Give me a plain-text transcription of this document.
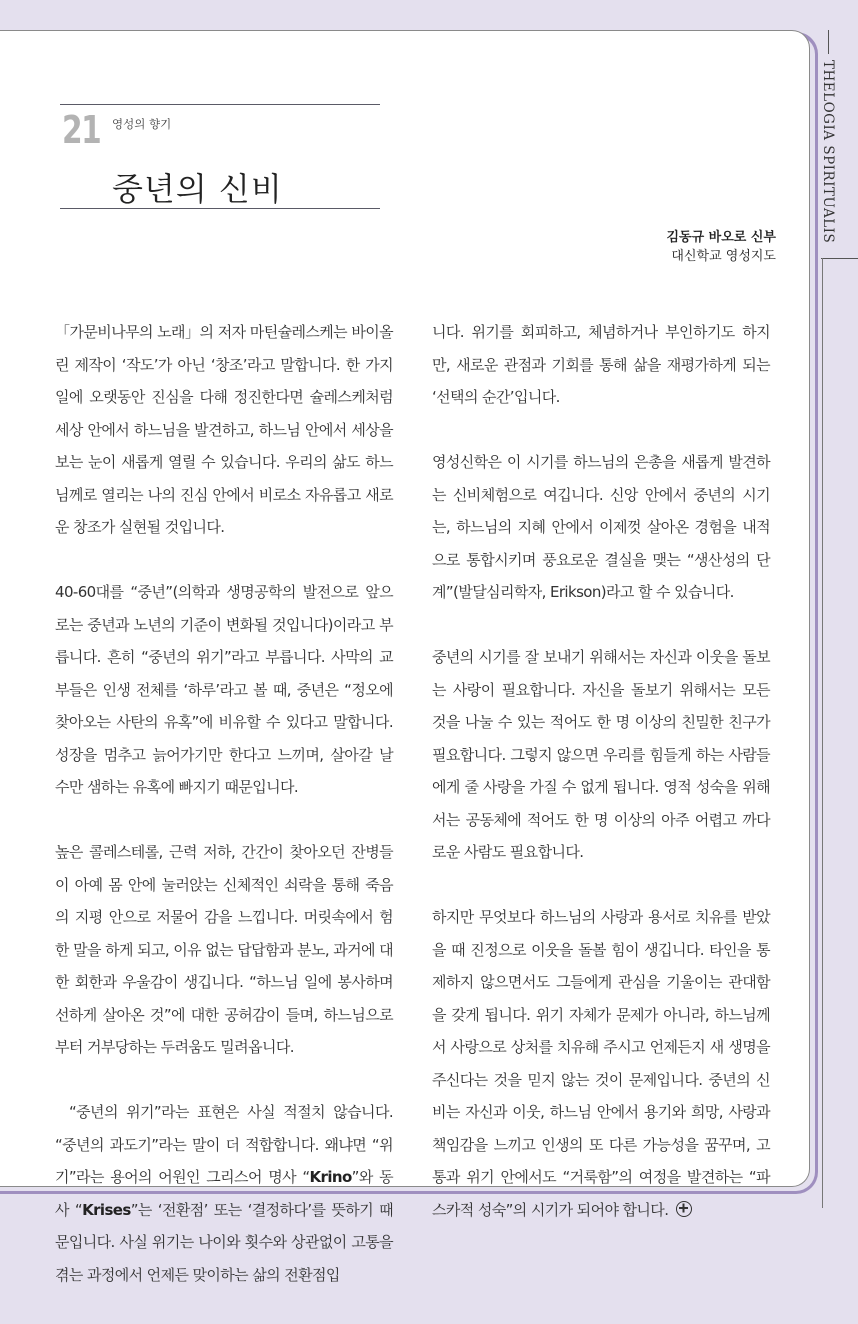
THELOGIA SPIRITUALIS
21 영성의 향기
중년의 신비
김동규 바오로 신부
대신학교 영성지도

「가문비나무의 노래」의 저자 마틴슐레스케는 바이올린 제작이 ‘작도’가 아닌 ‘창조’라고 말합니다. 한 가지 일에 오랫동안 진심을 다해 정진한다면 슐레스케처럼 세상 안에서 하느님을 발견하고, 하느님 안에서 세상을 보는 눈이 새롭게 열릴 수 있습니다. 우리의 삶도 하느님께로 열리는 나의 진심 안에서 비로소 자유롭고 새로운 창조가 실현될 것입니다.

40-60대를 “중년”(의학과 생명공학의 발전으로 앞으로는 중년과 노년의 기준이 변화될 것입니다)이라고 부릅니다. 흔히 “중년의 위기”라고 부릅니다. 사막의 교부들은 인생 전체를 ‘하루’라고 볼 때, 중년은 “정오에 찾아오는 사탄의 유혹”에 비유할 수 있다고 말합니다. 성장을 멈추고 늙어가기만 한다고 느끼며, 살아갈 날 수만 샘하는 유혹에 빠지기 때문입니다.

높은 콜레스테롤, 근력 저하, 간간이 찾아오던 잔병들이 아예 몸 안에 눌러앉는 신체적인 쇠락을 통해 죽음의 지평 안으로 저물어 감을 느낍니다. 머릿속에서 험한 말을 하게 되고, 이유 없는 답답함과 분노, 과거에 대한 회한과 우울감이 생깁니다. “하느님 일에 봉사하며 선하게 살아온 것”에 대한 공허감이 들며, 하느님으로부터 거부당하는 두려움도 밀려옵니다.

“중년의 위기”라는 표현은 사실 적절치 않습니다. “중년의 과도기”라는 말이 더 적합합니다. 왜냐면 “위기”라는 용어의 어원인 그리스어 명사 “Krino”와 동사 “Krises”는 ‘전환점’ 또는 ‘결정하다’를 뜻하기 때문입니다. 사실 위기는 나이와 횟수와 상관없이 고통을 겪는 과정에서 언제든 맞이하는 삶의 전환점입

니다. 위기를 회피하고, 체념하거나 부인하기도 하지만, 새로운 관점과 기회를 통해 삶을 재평가하게 되는 ‘선택의 순간’입니다.

영성신학은 이 시기를 하느님의 은총을 새롭게 발견하는 신비체험으로 여깁니다. 신앙 안에서 중년의 시기는, 하느님의 지혜 안에서 이제껏 살아온 경험을 내적으로 통합시키며 풍요로운 결실을 맺는 “생산성의 단계”(발달심리학자, Erikson)라고 할 수 있습니다.

중년의 시기를 잘 보내기 위해서는 자신과 이웃을 돌보는 사랑이 필요합니다. 자신을 돌보기 위해서는 모든 것을 나눌 수 있는 적어도 한 명 이상의 친밀한 친구가 필요합니다. 그렇지 않으면 우리를 힘들게 하는 사람들에게 줄 사랑을 가질 수 없게 됩니다. 영적 성숙을 위해서는 공동체에 적어도 한 명 이상의 아주 어렵고 까다로운 사람도 필요합니다.

하지만 무엇보다 하느님의 사랑과 용서로 치유를 받았을 때 진정으로 이웃을 돌볼 힘이 생깁니다. 타인을 통제하지 않으면서도 그들에게 관심을 기울이는 관대함을 갖게 됩니다. 위기 자체가 문제가 아니라, 하느님께서 사랑으로 상처를 치유해 주시고 언제든지 새 생명을 주신다는 것을 믿지 않는 것이 문제입니다. 중년의 신비는 자신과 이웃, 하느님 안에서 용기와 희망, 사랑과 책임감을 느끼고 인생의 또 다른 가능성을 꿈꾸며, 고통과 위기 안에서도 “거룩함”의 여정을 발견하는 “파스카적 성숙”의 시기가 되어야 합니다.
